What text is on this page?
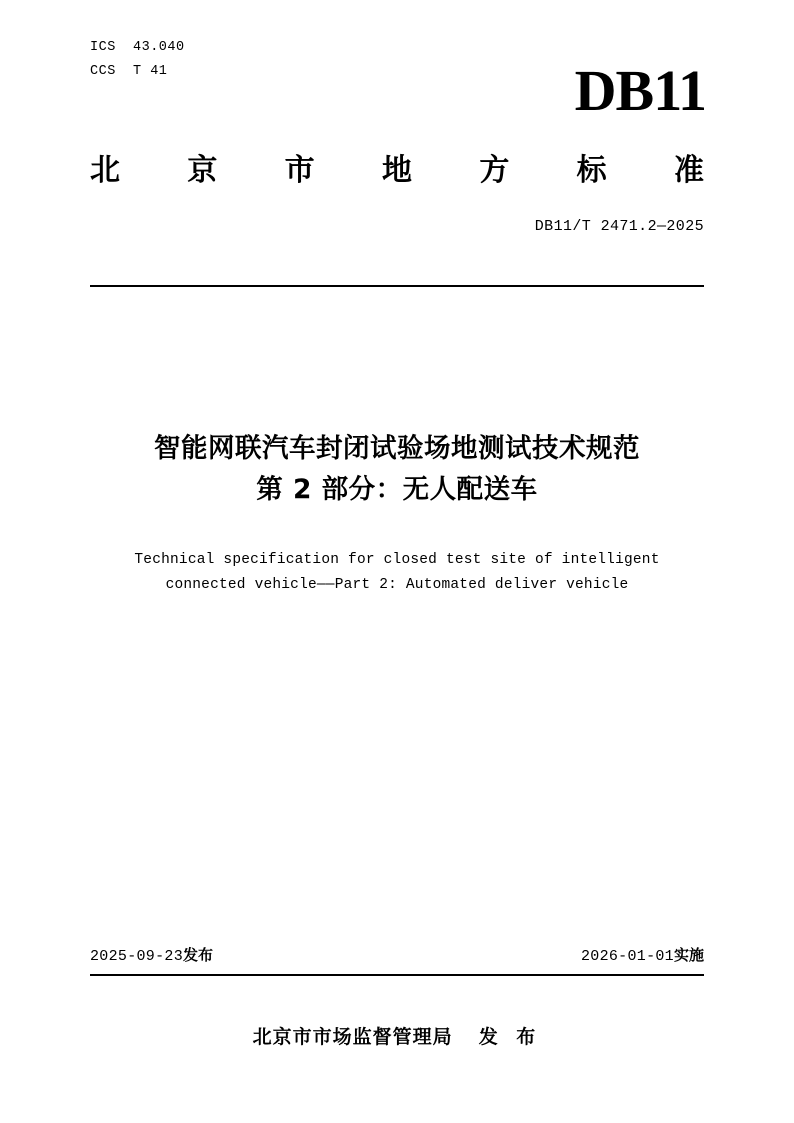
ICS  43.040
CCS  T 41	DB11
北 京 市 地 方 标 准
DB11/T 2471.2—2025
智能网联汽车封闭试验场地测试技术规范
第 2 部分：无人配送车
Technical specification for closed test site of intelligent
connected vehicle——Part 2: Automated deliver vehicle
2025-09-23发布	2026-01-01实施
北京市市场监督管理局 发 布
